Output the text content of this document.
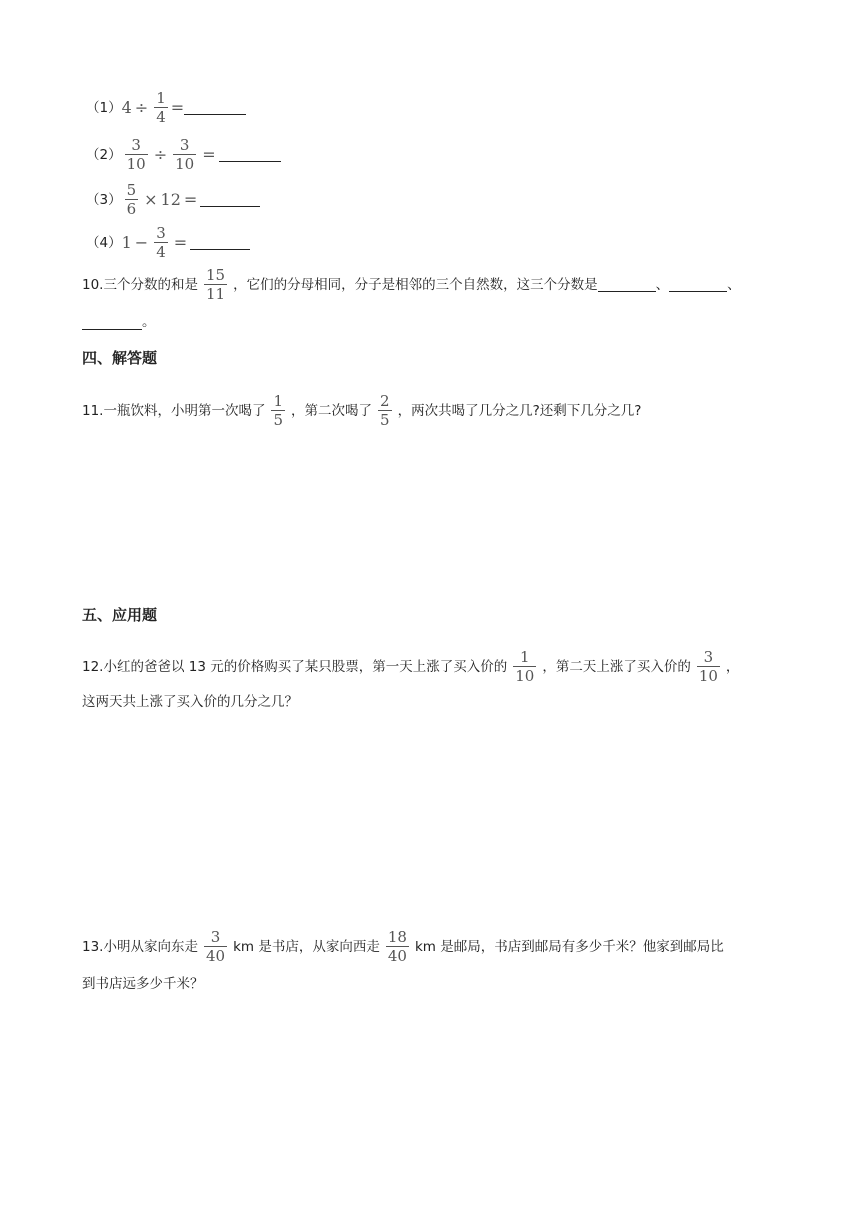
（1） $4 \div \frac{1}{4}$ =
$(2) \frac{3}{10} \div \frac{3}{10}$ =
$(3) \frac{5}{6} \times 12$ =
（4） $1 - \frac{3}{4}$ =
10.三个分数的和是 $\frac{15}{11}$ ，它们的分母相同，分子是相邻的三个自然数，这三个分数是	、	、
。
四、解答题
11.一瓶饮料，小明第一次喝了 $\frac{1}{5}$ ，第二次喝了 $\frac{2}{5}$ ，两次共喝了几分之几?还剩下几分之几?
五、应用题
12.小红的爸爸以 13 元的价格购买了某只股票，第一天上涨了买入价的 $\frac{1}{10}$ ，第二天上涨了买入价的 $\frac{3}{10}$ ，
这两天共上涨了买入价的几分之几？
13.小明从家向东走 $\frac{3}{40}$ km 是书店，从家向西走 $\frac{18}{40}$ km 是邮局，书店到邮局有多少千米？他家到邮局比
到书店远多少千米？
